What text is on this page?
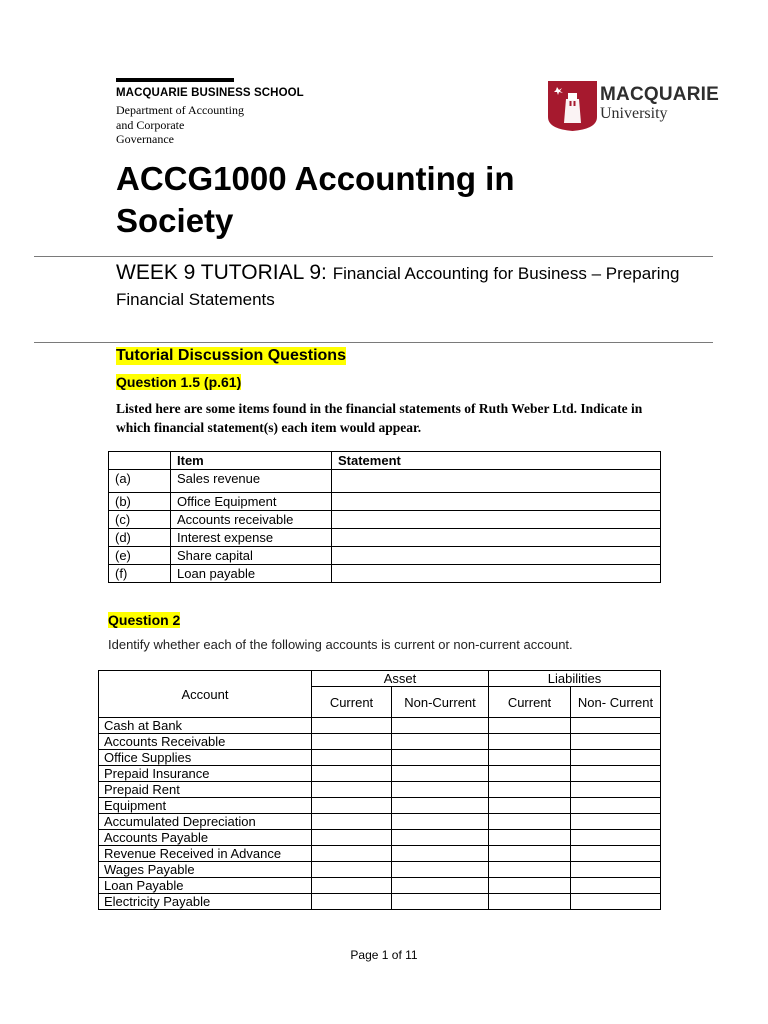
MACQUARIE BUSINESS SCHOOL
Department of Accounting
and Corporate
Governance
MACQUARIE
University
ACCG1000 Accounting in Society
WEEK 9 TUTORIAL 9: Financial Accounting for Business – Preparing Financial Statements
Tutorial Discussion Questions
Question 1.5 (p.61)
Listed here are some items found in the financial statements of Ruth Weber Ltd. Indicate in which financial statement(s) each item would appear.
	Item	Statement
(a)	Sales revenue	
(b)	Office Equipment	
(c)	Accounts receivable	
(d)	Interest expense	
(e)	Share capital	
(f)	Loan payable	
Question 2
Identify whether each of the following accounts is current or non-current account.
Account	Asset		Liabilities	
	Current	Non-Current	Current	Non- Current
Cash at Bank				
Accounts Receivable				
Office Supplies				
Prepaid Insurance				
Prepaid Rent				
Equipment				
Accumulated Depreciation				
Accounts Payable				
Revenue Received in Advance				
Wages Payable				
Loan Payable				
Electricity Payable				
Page 1 of 11
